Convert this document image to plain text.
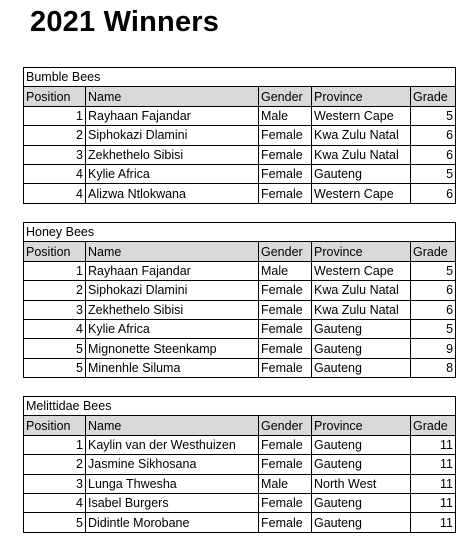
2021 Winners
Bumble Bees				
Position	Name	Gender	Province	Grade
1	Rayhaan Fajandar	Male	Western Cape	5
2	Siphokazi Dlamini	Female	Kwa Zulu Natal	6
3	Zekhethelo Sibisi	Female	Kwa Zulu Natal	6
4	Kylie Africa	Female	Gauteng	5
4	Alizwa Ntlokwana	Female	Western Cape	6
Honey Bees				
Position	Name	Gender	Province	Grade
1	Rayhaan Fajandar	Male	Western Cape	5
2	Siphokazi Dlamini	Female	Kwa Zulu Natal	6
3	Zekhethelo Sibisi	Female	Kwa Zulu Natal	6
4	Kylie Africa	Female	Gauteng	5
5	Mignonette Steenkamp	Female	Gauteng	9
5	Minenhle Siluma	Female	Gauteng	8
Melittidae Bees				
Position	Name	Gender	Province	Grade
1	Kaylin van der Westhuizen	Female	Gauteng	11
2	Jasmine Sikhosana	Female	Gauteng	11
3	Lunga Thwesha	Male	North West	11
4	Isabel Burgers	Female	Gauteng	11
5	Didintle Morobane	Female	Gauteng	11
